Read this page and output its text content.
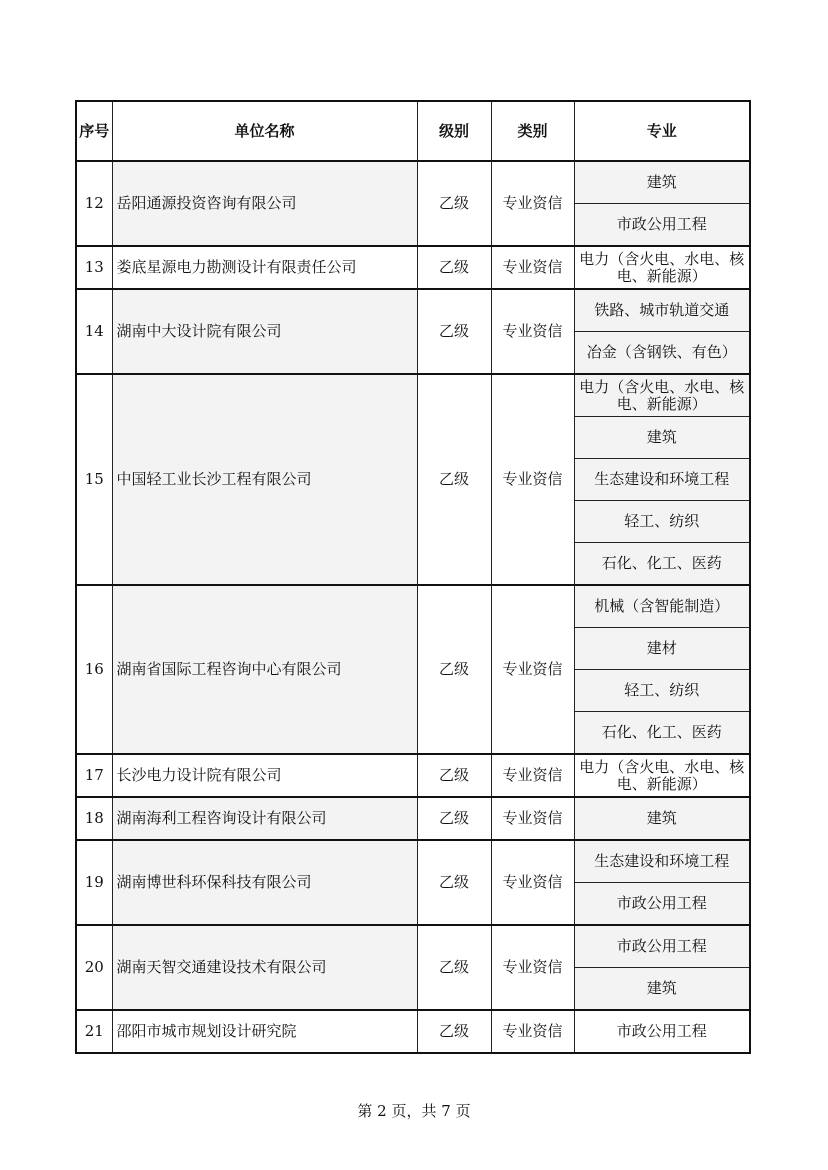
序号	单位名称	级别	类别	专业
12	岳阳通源投资咨询有限公司	乙级	专业资信	建筑
				市政公用工程
13	娄底星源电力勘测设计有限责任公司	乙级	专业资信	电力（含火电、水电、核电、新能源）
14	湖南中大设计院有限公司	乙级	专业资信	铁路、城市轨道交通
				冶金（含钢铁、有色）
15	中国轻工业长沙工程有限公司	乙级	专业资信	电力（含火电、水电、核电、新能源）
				建筑
				生态建设和环境工程
				轻工、纺织
				石化、化工、医药
16	湖南省国际工程咨询中心有限公司	乙级	专业资信	机械（含智能制造）
				建材
				轻工、纺织
				石化、化工、医药
17	长沙电力设计院有限公司	乙级	专业资信	电力（含火电、水电、核电、新能源）
18	湖南海利工程咨询设计有限公司	乙级	专业资信	建筑
19	湖南博世科环保科技有限公司	乙级	专业资信	生态建设和环境工程
				市政公用工程
20	湖南天智交通建设技术有限公司	乙级	专业资信	市政公用工程
				建筑
21	邵阳市城市规划设计研究院	乙级	专业资信	市政公用工程
第 2 页，共 7 页
